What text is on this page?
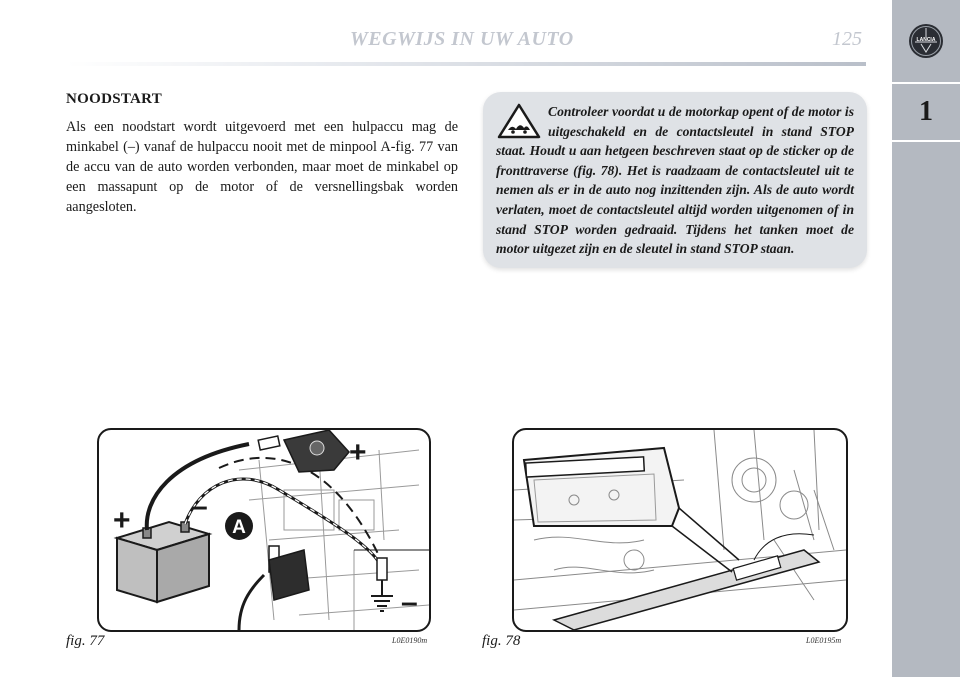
WEGWIJS IN UW AUTO	125	LANCIA
1
NOODSTART

Als een noodstart wordt uitgevoerd met een hulpaccu mag de minkabel (–) vanaf de hulpaccu nooit met de minpool A-fig. 77 van de accu van de auto worden verbonden, maar moet de minkabel op een massapunt op de motor of de versnellingsbak worden aangesloten.

Controleer voordat u de motorkap opent of de motor is uitgeschakeld en de contactsleutel in stand STOP staat. Houdt u aan hetgeen beschreven staat op de sticker op de fronttraverse (fig. 78). Het is raadzaam de contactsleutel uit te nemen als er in de auto nog inzittenden zijn. Als de auto wordt verlaten, moet de contactsleutel altijd worden uitgenomen of in stand STOP worden gedraaid. Tijdens het tanken moet de motor uitgezet zijn en de sleutel in stand STOP staan.

+
+
–
–
A
fig. 77	L0E0190m	fig. 78	L0E0195m
